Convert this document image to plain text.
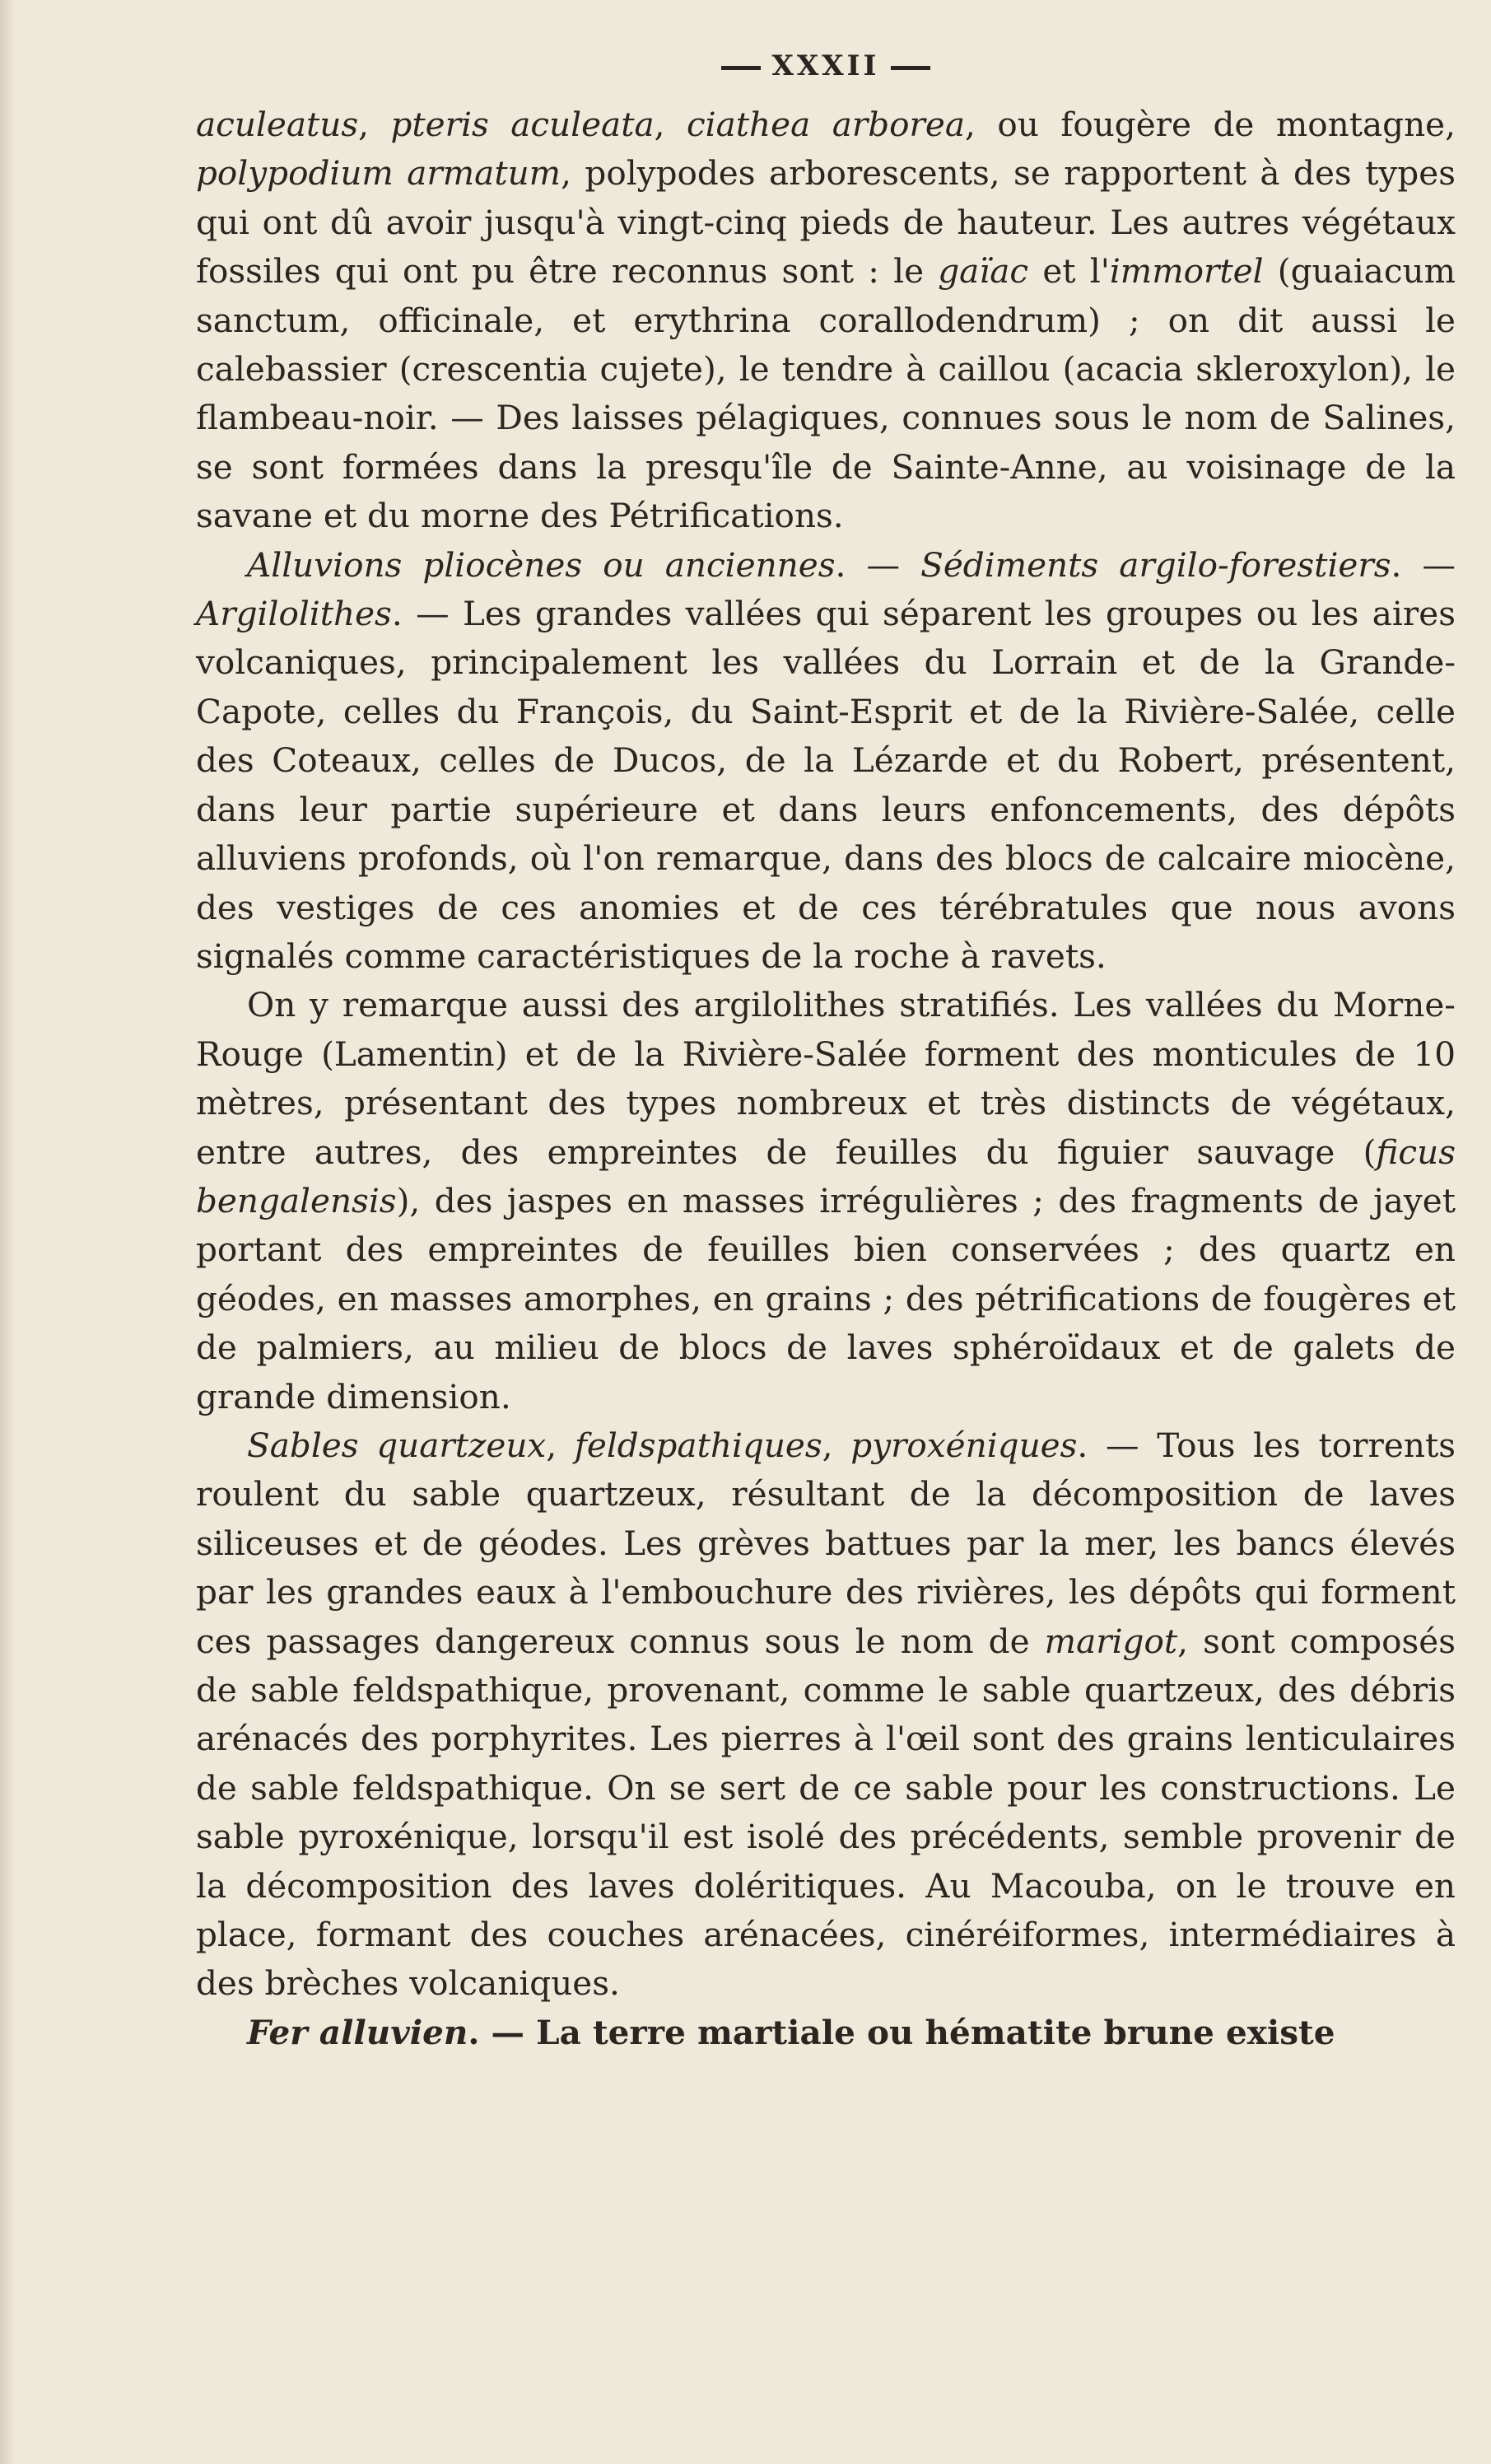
XXXII

aculeatus, pteris aculeata, ciathea arborea, ou fougère de montagne, polypodium armatum, polypodes arborescents, se rapportent à des types qui ont dû avoir jusqu'à vingt-cinq pieds de hauteur. Les autres végétaux fossiles qui ont pu être reconnus sont : le gaïac et l'immortel (guaiacum sanctum, officinale, et erythrina corallodendrum) ; on dit aussi le calebassier (crescentia cujete), le tendre à caillou (acacia skleroxylon), le flambeau-noir. — Des laisses pélagiques, connues sous le nom de Salines, se sont formées dans la presqu'île de Sainte-Anne, au voisinage de la savane et du morne des Pétrifications.

Alluvions pliocènes ou anciennes. — Sédiments argilo-forestiers. — Argilolithes. — Les grandes vallées qui séparent les groupes ou les aires volcaniques, principalement les vallées du Lorrain et de la Grande-Capote, celles du François, du Saint-Esprit et de la Rivière-Salée, celle des Coteaux, celles de Ducos, de la Lézarde et du Robert, présentent, dans leur partie supérieure et dans leurs enfoncements, des dépôts alluviens profonds, où l'on remarque, dans des blocs de calcaire miocène, des vestiges de ces anomies et de ces térébratules que nous avons signalés comme caractéristiques de la roche à ravets.

On y remarque aussi des argilolithes stratifiés. Les vallées du Morne-Rouge (Lamentin) et de la Rivière-Salée forment des monticules de 10 mètres, présentant des types nombreux et très distincts de végétaux, entre autres, des empreintes de feuilles du figuier sauvage (ficus bengalensis), des jaspes en masses irrégulières ; des fragments de jayet portant des empreintes de feuilles bien conservées ; des quartz en géodes, en masses amorphes, en grains ; des pétrifications de fougères et de palmiers, au milieu de blocs de laves sphéroïdaux et de galets de grande dimension.

Sables quartzeux, feldspathiques, pyroxéniques. — Tous les torrents roulent du sable quartzeux, résultant de la décomposition de laves siliceuses et de géodes. Les grèves battues par la mer, les bancs élevés par les grandes eaux à l'embouchure des rivières, les dépôts qui forment ces passages dangereux connus sous le nom de marigot, sont composés de sable feldspathique, provenant, comme le sable quartzeux, des débris arénacés des porphyrites. Les pierres à l'œil sont des grains lenticulaires de sable feldspathique. On se sert de ce sable pour les constructions. Le sable pyroxénique, lorsqu'il est isolé des précédents, semble provenir de la décomposition des laves doléritiques. Au Macouba, on le trouve en place, formant des couches arénacées, cinéréiformes, intermédiaires à des brèches volcaniques.

Fer alluvien. — La terre martiale ou hématite brune existe
